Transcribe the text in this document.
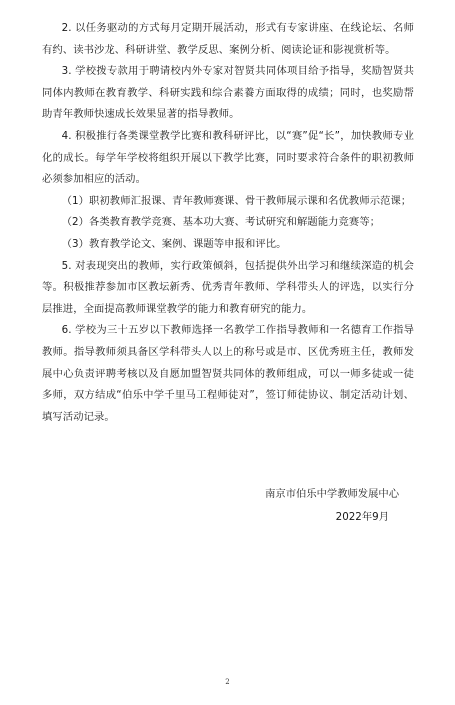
2. 以任务驱动的方式每月定期开展活动，形式有专家讲座、在线论坛、名师有约、读书沙龙、科研讲堂、教学反思、案例分析、阅读论证和影视赏析等。

3. 学校拨专款用于聘请校内外专家对智贤共同体项目给予指导，奖励智贤共同体内教师在教育教学、科研实践和综合素養方面取得的成绩；同时，也奖励帮助青年教师快速成长效果显著的指导教师。

4. 积极推行各类课堂教学比赛和教科研评比，以“赛”促“长”，加快教师专业化的成长。每学年学校将组织开展以下教学比赛，同时要求符合条件的职初教师必须参加相应的活动。

（1）职初教师汇报课、青年教师赛课、骨干教师展示课和名优教师示范课；

（2）各类教育教学竞赛、基本功大赛、考试研究和解题能力竞赛等；

（3）教育教学论文、案例、课题等申报和评比。

5. 对表现突出的教师，实行政策倾斜，包括提供外出学习和继续深造的机会等。积极推荐参加市区教坛新秀、优秀青年教师、学科带头人的评选，以实行分层推进，全面提高教师课堂教学的能力和教育研究的能力。

6. 学校为三十五岁以下教师选择一名教学工作指导教师和一名德育工作指导教师。指导教师须具备区学科带头人以上的称号或是市、区优秀班主任，教师发展中心负责评聘考核以及自愿加盟智贤共同体的教师组成，可以一师多徒或一徒多师，双方结成“伯乐中学千里马工程师徒对”，签订师徒协议、制定活动计划、填写活动记录。

南京市伯乐中学教师发展中心
2022年9月
2
